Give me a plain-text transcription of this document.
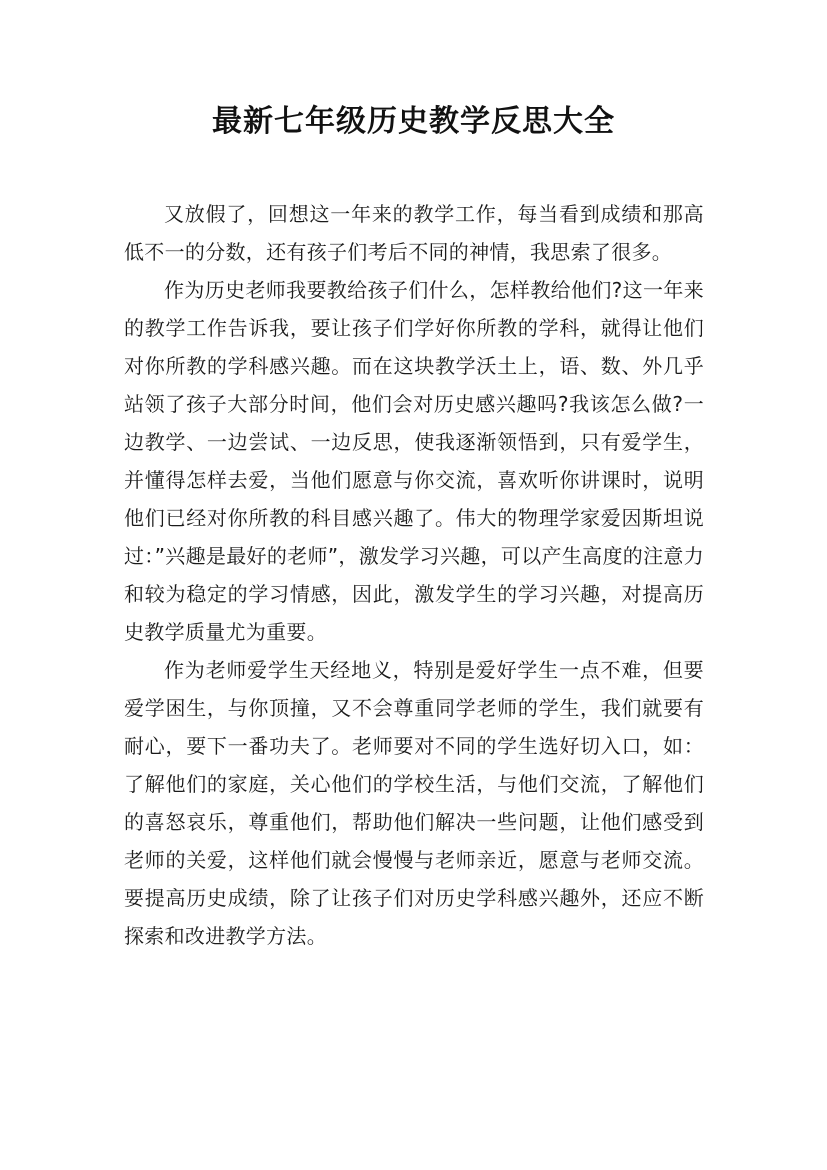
最新七年级历史教学反思大全

又放假了，回想这一年来的教学工作，每当看到成绩和那高低不一的分数，还有孩子们考后不同的神情，我思索了很多。

作为历史老师我要教给孩子们什么，怎样教给他们?这一年来的教学工作告诉我，要让孩子们学好你所教的学科，就得让他们对你所教的学科感兴趣。而在这块教学沃土上，语、数、外几乎站领了孩子大部分时间，他们会对历史感兴趣吗?我该怎么做?一边教学、一边尝试、一边反思，使我逐渐领悟到，只有爱学生，并懂得怎样去爱，当他们愿意与你交流，喜欢听你讲课时，说明他们已经对你所教的科目感兴趣了。伟大的物理学家爱因斯坦说过：”兴趣是最好的老师”，激发学习兴趣，可以产生高度的注意力和较为稳定的学习情感，因此，激发学生的学习兴趣，对提高历史教学质量尤为重要。

作为老师爱学生天经地义，特别是爱好学生一点不难，但要爱学困生，与你顶撞，又不会尊重同学老师的学生，我们就要有耐心，要下一番功夫了。老师要对不同的学生选好切入口，如：了解他们的家庭，关心他们的学校生活，与他们交流，了解他们的喜怒哀乐，尊重他们，帮助他们解决一些问题，让他们感受到老师的关爱，这样他们就会慢慢与老师亲近，愿意与老师交流。要提高历史成绩，除了让孩子们对历史学科感兴趣外，还应不断探索和改进教学方法。
